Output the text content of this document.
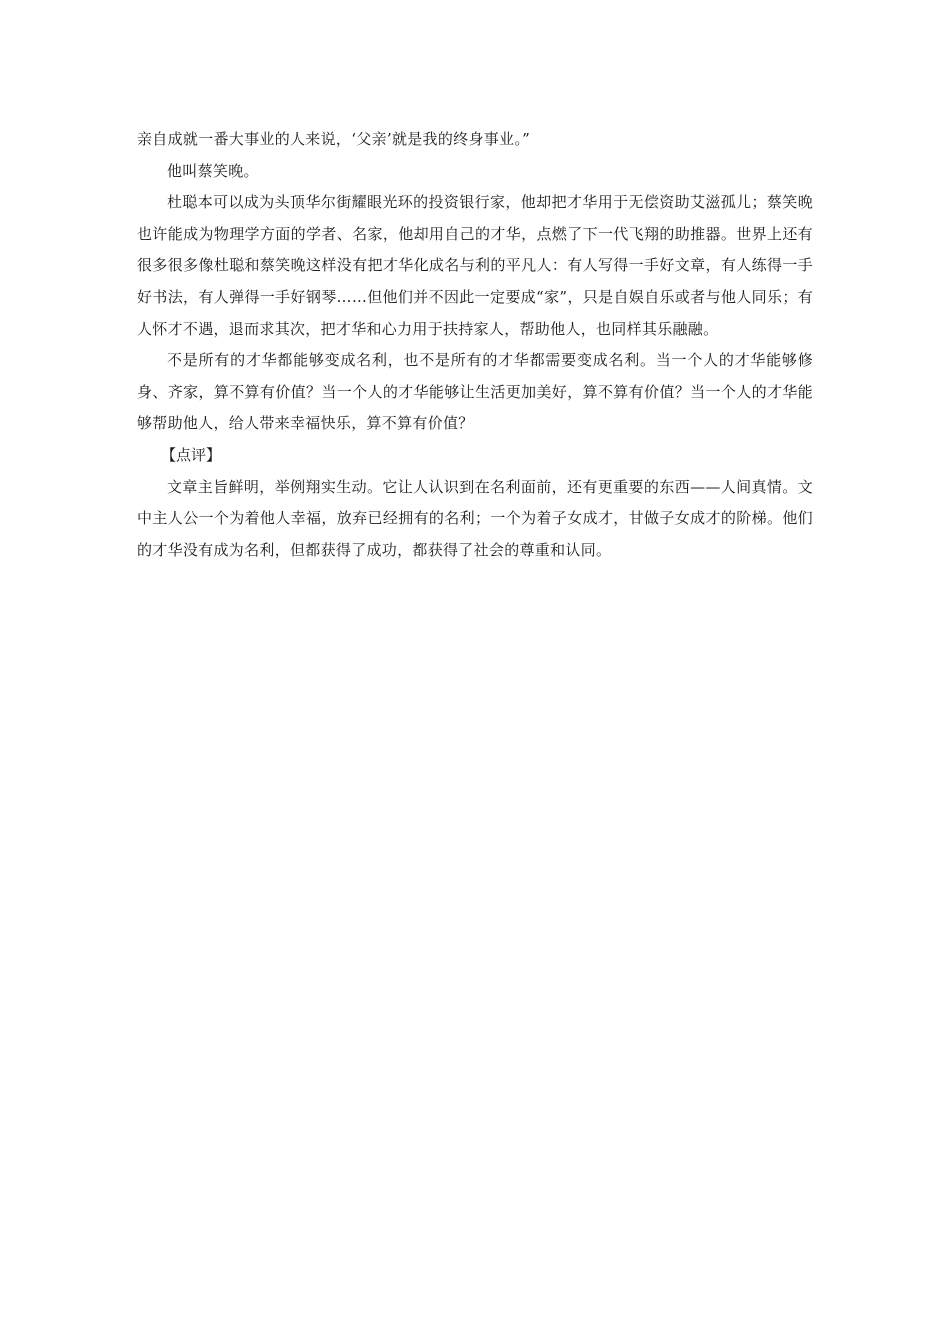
亲自成就一番大事业的人来说，‘父亲’就是我的终身事业。”

他叫蔡笑晚。

杜聪本可以成为头顶华尔街耀眼光环的投资银行家，他却把才华用于无偿资助艾滋孤儿；蔡笑晚也许能成为物理学方面的学者、名家，他却用自己的才华，点燃了下一代飞翔的助推器。世界上还有很多很多像杜聪和蔡笑晚这样没有把才华化成名与利的平凡人：有人写得一手好文章，有人练得一手好书法，有人弹得一手好钢琴……但他们并不因此一定要成“家”，只是自娱自乐或者与他人同乐；有人怀才不遇，退而求其次，把才华和心力用于扶持家人，帮助他人，也同样其乐融融。

不是所有的才华都能够变成名利，也不是所有的才华都需要变成名利。当一个人的才华能够修身、齐家，算不算有价值？当一个人的才华能够让生活更加美好，算不算有价值？当一个人的才华能够帮助他人，给人带来幸福快乐，算不算有价值？

【点评】

文章主旨鲜明，举例翔实生动。它让人认识到在名利面前，还有更重要的东西——人间真情。文中主人公一个为着他人幸福，放弃已经拥有的名利；一个为着子女成才，甘做子女成才的阶梯。他们的才华没有成为名利，但都获得了成功，都获得了社会的尊重和认同。
